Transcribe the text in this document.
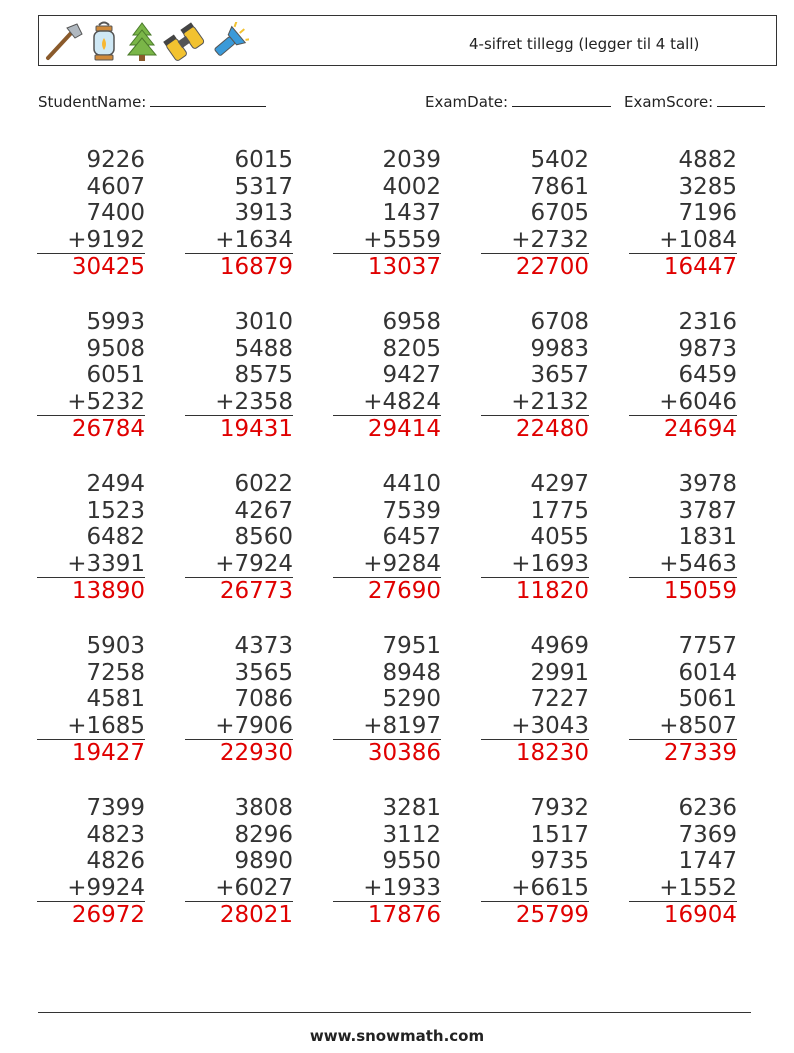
4-sifret tillegg (legger til 4 tall)
StudentName:	ExamDate:	ExamScore:
9226
4607
7400
+9192
30425
6015
5317
3913
+1634
16879
2039
4002
1437
+5559
13037
5402
7861
6705
+2732
22700
4882
3285
7196
+1084
16447
5993
9508
6051
+5232
26784
3010
5488
8575
+2358
19431
6958
8205
9427
+4824
29414
6708
9983
3657
+2132
22480
2316
9873
6459
+6046
24694
2494
1523
6482
+3391
13890
6022
4267
8560
+7924
26773
4410
7539
6457
+9284
27690
4297
1775
4055
+1693
11820
3978
3787
1831
+5463
15059
5903
7258
4581
+1685
19427
4373
3565
7086
+7906
22930
7951
8948
5290
+8197
30386
4969
2991
7227
+3043
18230
7757
6014
5061
+8507
27339
7399
4823
4826
+9924
26972
3808
8296
9890
+6027
28021
3281
3112
9550
+1933
17876
7932
1517
9735
+6615
25799
6236
7369
1747
+1552
16904
www.snowmath.com
